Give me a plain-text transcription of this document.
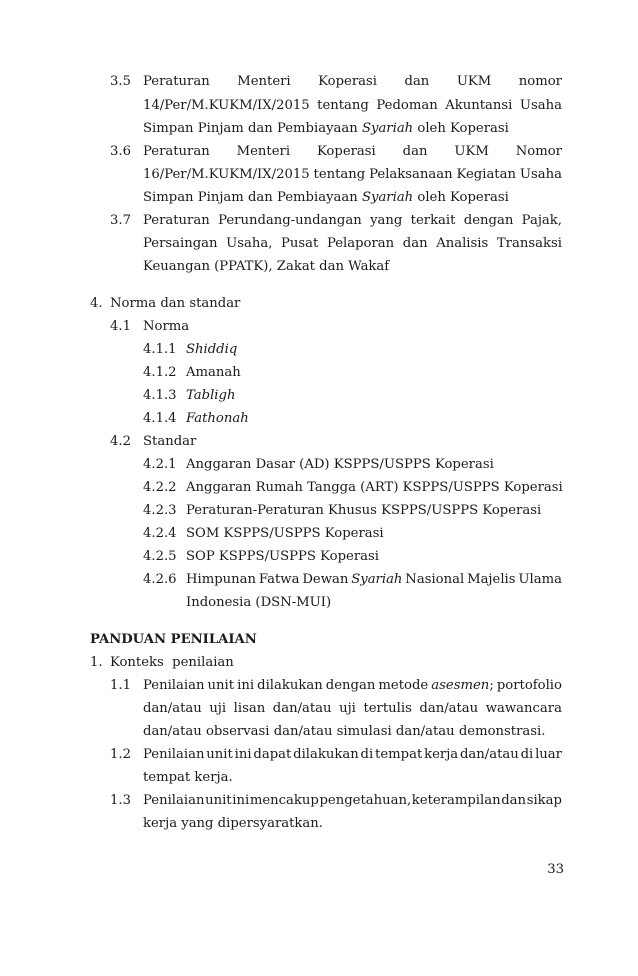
3.5 Peraturan Menteri Koperasi dan UKM nomor
14/Per/M.KUKM/IX/2015 tentang Pedoman Akuntansi Usaha
Simpan Pinjam dan Pembiayaan Syariah oleh Koperasi
3.6 Peraturan Menteri Koperasi dan UKM Nomor
16/Per/M.KUKM/IX/2015 tentang Pelaksanaan Kegiatan Usaha
Simpan Pinjam dan Pembiayaan Syariah oleh Koperasi
3.7 Peraturan Perundang-undangan yang terkait dengan Pajak,
Persaingan Usaha, Pusat Pelaporan dan Analisis Transaksi
Keuangan (PPATK), Zakat dan Wakaf
4. Norma dan standar
4.1 Norma
4.1.1 Shiddiq
4.1.2 Amanah
4.1.3 Tabligh
4.1.4 Fathonah
4.2 Standar
4.2.1 Anggaran Dasar (AD) KSPPS/USPPS Koperasi
4.2.2 Anggaran Rumah Tangga (ART) KSPPS/USPPS Koperasi
4.2.3 Peraturan-Peraturan Khusus KSPPS/USPPS Koperasi
4.2.4 SOM KSPPS/USPPS Koperasi
4.2.5 SOP KSPPS/USPPS Koperasi
4.2.6 Himpunan Fatwa Dewan Syariah Nasional Majelis Ulama
Indonesia (DSN-MUI)
PANDUAN PENILAIAN
1. Konteks  penilaian
1.1 Penilaian unit ini dilakukan dengan metode asesmen; portofolio
dan/atau uji lisan dan/atau uji tertulis dan/atau wawancara
dan/atau observasi dan/atau simulasi dan/atau demonstrasi.
1.2 Penilaian unit ini dapat dilakukan di tempat kerja dan/atau di luar
tempat kerja.
1.3 Penilaian unit ini mencakup pengetahuan, keterampilan dan sikap
kerja yang dipersyaratkan.
33
